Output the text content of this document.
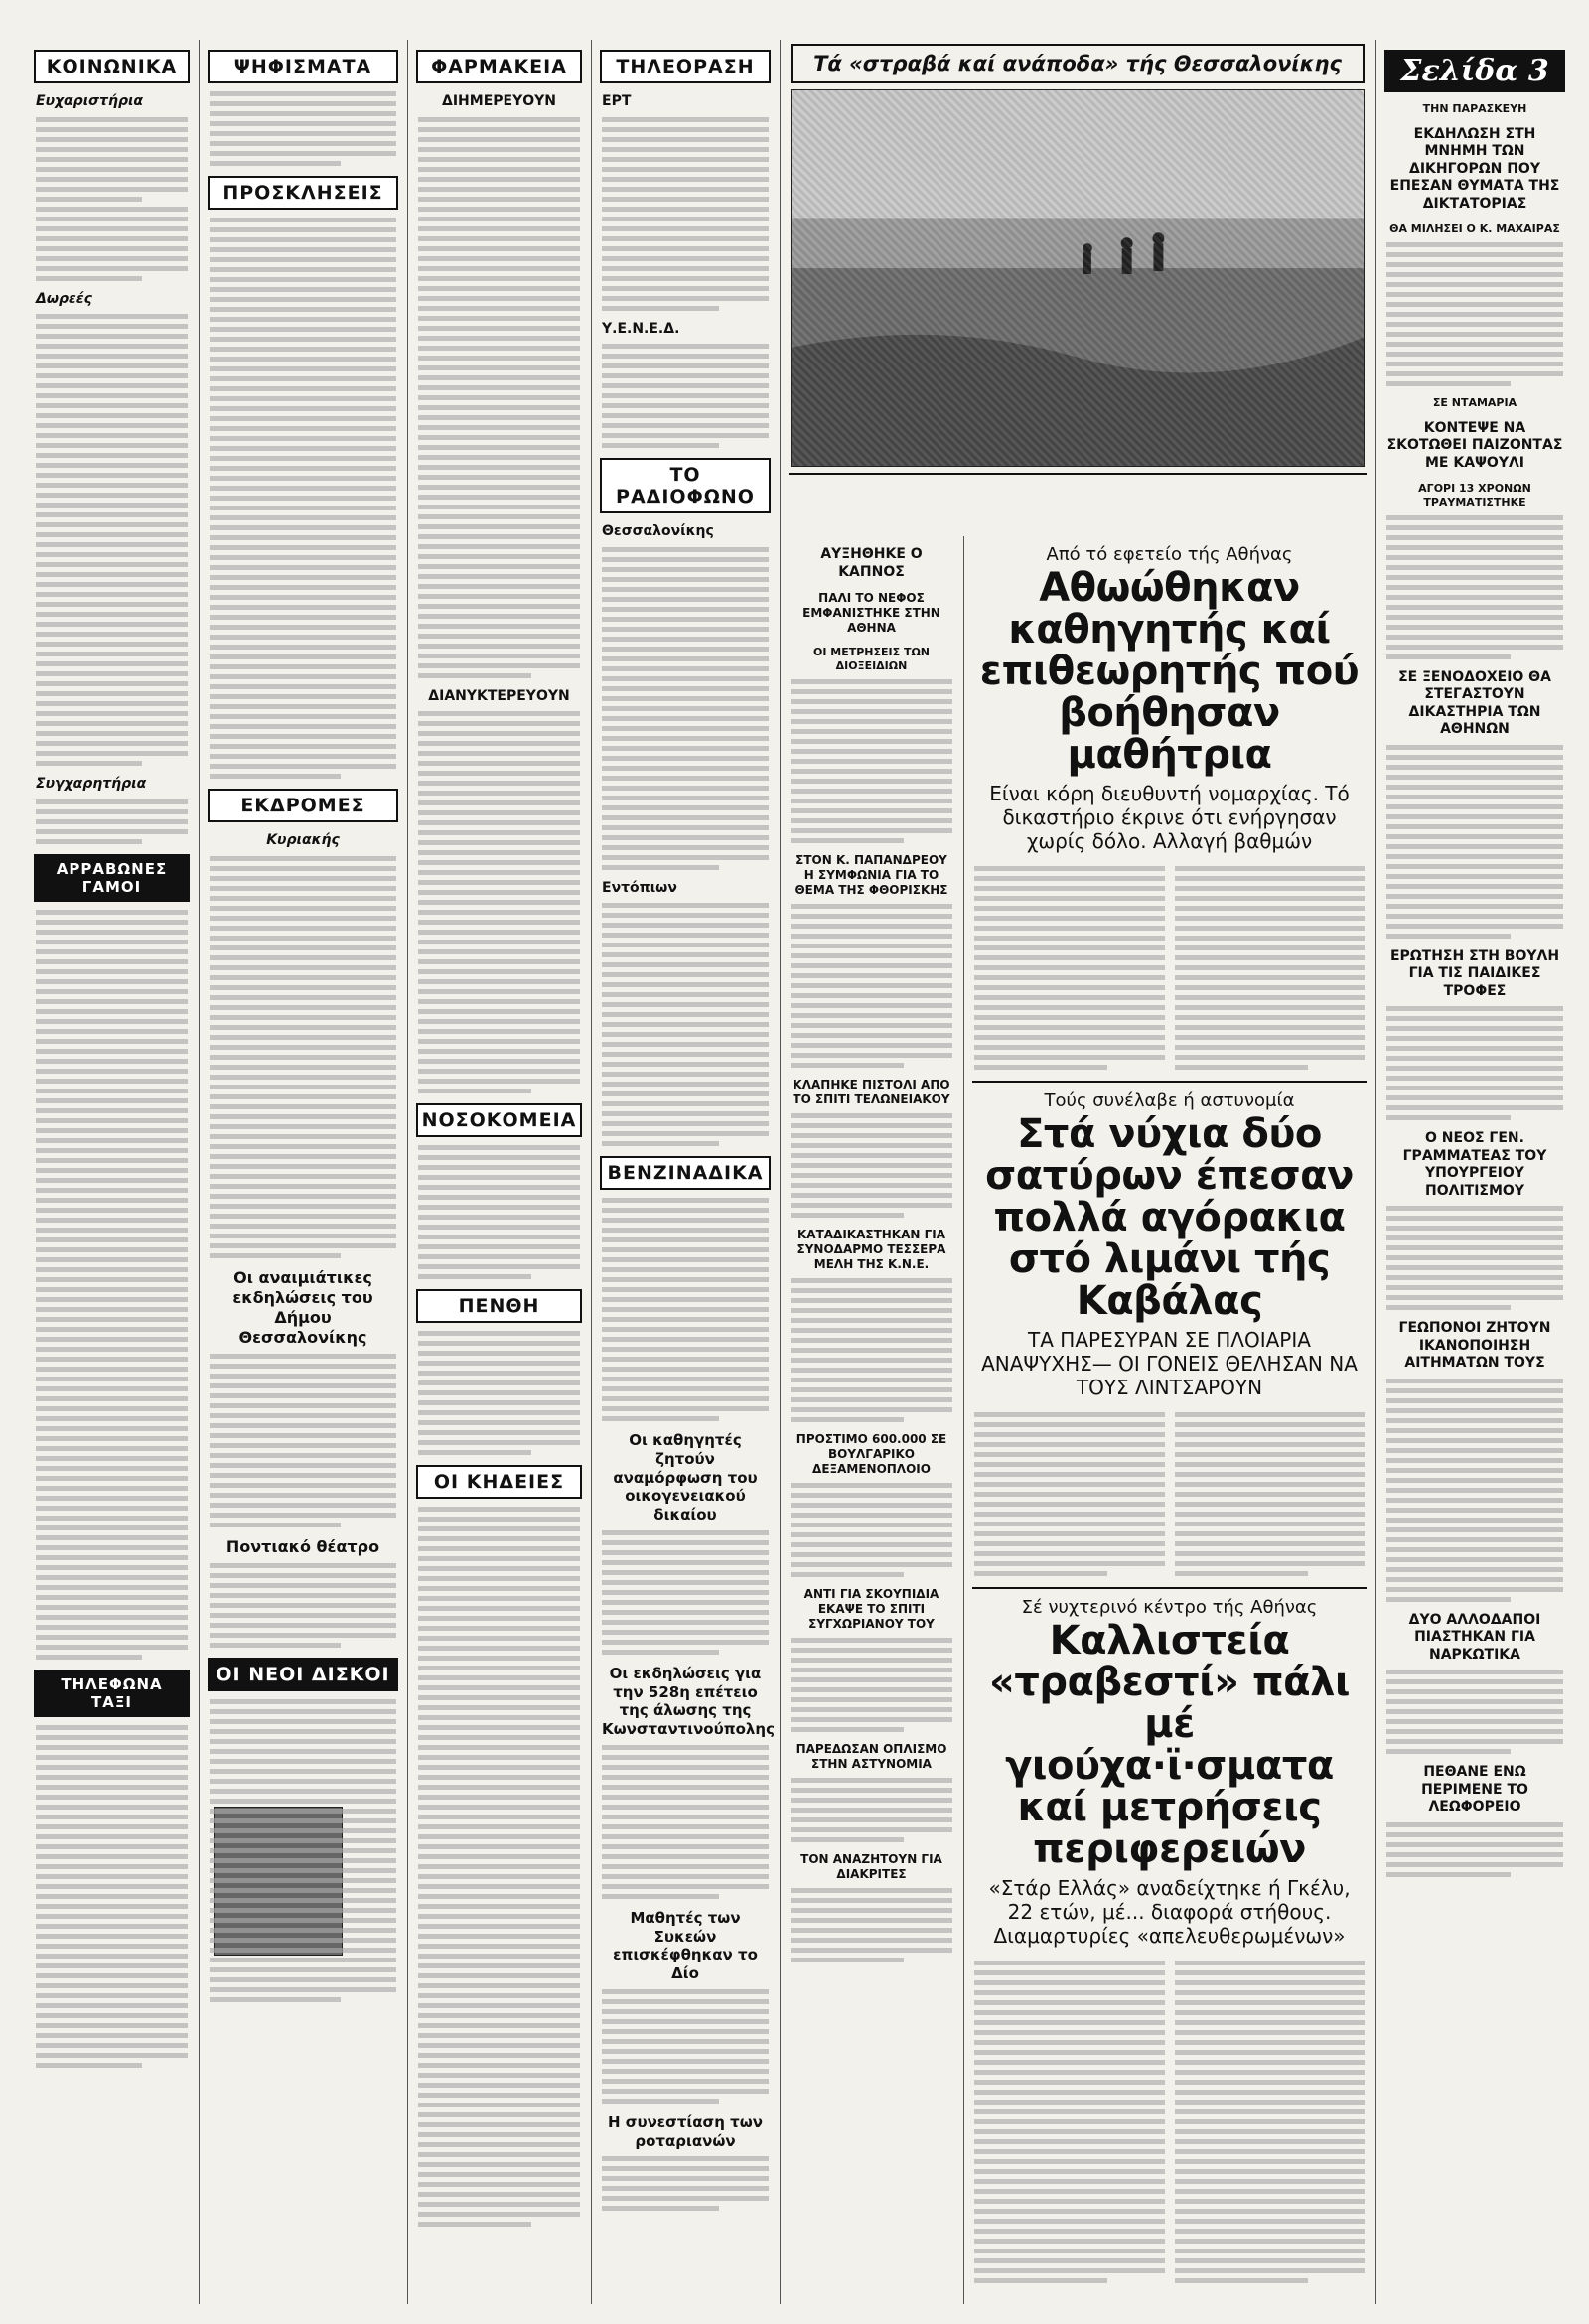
ΚΟΙΝΩΝΙΚΑ
Ευχαριστήρια
Δωρεές
Συγχαρητήρια
ΑΡΡΑΒΩΝΕΣ ΓΑΜΟΙ
ΤΗΛΕΦΩΝΑ ΤΑΞΙ
ΨΗΦΙΣΜΑΤΑ
ΠΡΟΣΚΛΗΣΕΙΣ
ΕΚΔΡΟΜΕΣ
Κυριακής
Οι αναιμιάτικες εκδηλώσεις του Δήμου Θεσσαλονίκης
Ποντιακό θέατρο
ΟΙ ΝΕΟΙ ΔΙΣΚΟΙ
ΦΑΡΜΑΚΕΙΑ
ΔΙΗΜΕΡΕΥΟΥΝ
ΔΙΑΝΥΚΤΕΡΕΥΟΥΝ
ΝΟΣΟΚΟΜΕΙΑ
ΠΕΝΘΗ
ΟΙ ΚΗΔΕΙΕΣ
ΤΗΛΕΟΡΑΣΗ
ΕΡΤ
Υ.Ε.Ν.Ε.Δ.
ΤΟ ΡΑΔΙΟΦΩΝΟ
Θεσσαλονίκης
Εντόπιων
ΒΕΝΖΙΝΑΔΙΚΑ
Οι καθηγητές ζητούν αναμόρφωση του οικογενειακού δικαίου
Οι εκδηλώσεις για την 528η επέτειο της άλωσης της Κωνσταντινούπολης
Μαθητές των Συκεών επισκέφθηκαν το Δίο
Η συνεστίαση των ροταριανών
ΑΥΞΗΘΗΚΕ Ο ΚΑΠΝΟΣ
ΠΑΛΙ ΤΟ ΝΕΦΟΣ ΕΜΦΑΝΙΣΤΗΚΕ ΣΤΗΝ ΑΘΗΝΑ
ΟΙ ΜΕΤΡΗΣΕΙΣ ΤΩΝ ΔΙΟΞΕΙΔΙΩΝ
ΣΤΟΝ Κ. ΠΑΠΑΝΔΡΕΟΥ Η ΣΥΜΦΩΝΙΑ ΓΙΑ ΤΟ ΘΕΜΑ ΤΗΣ ΦΘΟΡΙΣΚΗΣ
ΚΛΑΠΗΚΕ ΠΙΣΤΟΛΙ ΑΠΟ ΤΟ ΣΠΙΤΙ ΤΕΛΩΝΕΙΑΚΟΥ
ΚΑΤΑΔΙΚΑΣΤΗΚΑΝ ΓΙΑ ΣΥΝΟΔΑΡΜΟ ΤΕΣΣΕΡΑ ΜΕΛΗ ΤΗΣ Κ.Ν.Ε.
ΠΡΟΣΤΙΜΟ 600.000 ΣΕ ΒΟΥΛΓΑΡΙΚΟ ΔΕΞΑΜΕΝΟΠΛΟΙΟ
ΑΝΤΙ ΓΙΑ ΣΚΟΥΠΙΔΙΑ ΕΚΑΨΕ ΤΟ ΣΠΙΤΙ ΣΥΓΧΩΡΙΑΝΟΥ ΤΟΥ
ΠΑΡΕΔΩΣΑΝ ΟΠΛΙΣΜΟ ΣΤΗΝ ΑΣΤΥΝΟΜΙΑ
ΤΟΝ ΑΝΑΖΗΤΟΥΝ ΓΙΑ ΔΙΑΚΡΙΤΕΣ
Τά «στραβά καί ανάποδα» τής Θεσσαλονίκης
Από τό εφετείο τής Αθήνας
Αθωώθηκαν καθηγητής καί επιθεωρητής πού βοήθησαν μαθήτρια
Είναι κόρη διευθυντή νομαρχίας. Τό δικαστήριο έκρινε ότι ενήργησαν χωρίς δόλο. Αλλαγή βαθμών
Τούς συνέλαβε ή αστυνομία
Στά νύχια δύο σατύρων έπεσαν πολλά αγόρακια στό λιμάνι τής Καβάλας
ΤΑ ΠΑΡΕΣΥΡΑΝ ΣΕ ΠΛΟΙΑΡΙΑ ΑΝΑΨΥΧΗΣ— ΟΙ ΓΟΝΕΙΣ ΘΕΛΗΣΑΝ ΝΑ ΤΟΥΣ ΛΙΝΤΣΑΡΟΥΝ
Σέ νυχτερινό κέντρο τής Αθήνας
Καλλιστεία «τραβεστί» πάλι μέ γιούχα·ϊ·σματα καί μετρήσεις περιφερειών
«Στάρ Ελλάς» αναδείχτηκε ή Γκέλυ, 22 ετών, μέ... διαφορά στήθους. Διαμαρτυρίες «απελευθερωμένων»
Σελίδα 3
ΤΗΝ ΠΑΡΑΣΚΕΥΗ
ΕΚΔΗΛΩΣΗ ΣΤΗ ΜΝΗΜΗ ΤΩΝ ΔΙΚΗΓΟΡΩΝ ΠΟΥ ΕΠΕΣΑΝ ΘΥΜΑΤΑ ΤΗΣ ΔΙΚΤΑΤΟΡΙΑΣ
ΘΑ ΜΙΛΗΣΕΙ Ο Κ. ΜΑΧΑΙΡΑΣ
ΣΕ ΝΤΑΜΑΡΙΑ
ΚΟΝΤΕΨΕ ΝΑ ΣΚΟΤΩΘΕΙ ΠΑΙΖΟΝΤΑΣ ΜΕ ΚΑΨΟΥΛΙ
ΑΓΟΡΙ 13 ΧΡΟΝΩΝ ΤΡΑΥΜΑΤΙΣΤΗΚΕ
ΣΕ ΞΕΝΟΔΟΧΕΙΟ ΘΑ ΣΤΕΓΑΣΤΟΥΝ ΔΙΚΑΣΤΗΡΙΑ ΤΩΝ ΑΘΗΝΩΝ
ΕΡΩΤΗΣΗ ΣΤΗ ΒΟΥΛΗ ΓΙΑ ΤΙΣ ΠΑΙΔΙΚΕΣ ΤΡΟΦΕΣ
Ο ΝΕΟΣ ΓΕΝ. ΓΡΑΜΜΑΤΕΑΣ ΤΟΥ ΥΠΟΥΡΓΕΙΟΥ ΠΟΛΙΤΙΣΜΟΥ
ΓΕΩΠΟΝΟΙ ΖΗΤΟΥΝ ΙΚΑΝΟΠΟΙΗΣΗ ΑΙΤΗΜΑΤΩΝ ΤΟΥΣ
ΔΥΟ ΑΛΛΟΔΑΠΟΙ ΠΙΑΣΤΗΚΑΝ ΓΙΑ ΝΑΡΚΩΤΙΚΑ
ΠΕΘΑΝΕ ΕΝΩ ΠΕΡΙΜΕΝΕ ΤΟ ΛΕΩΦΟΡΕΙΟ
